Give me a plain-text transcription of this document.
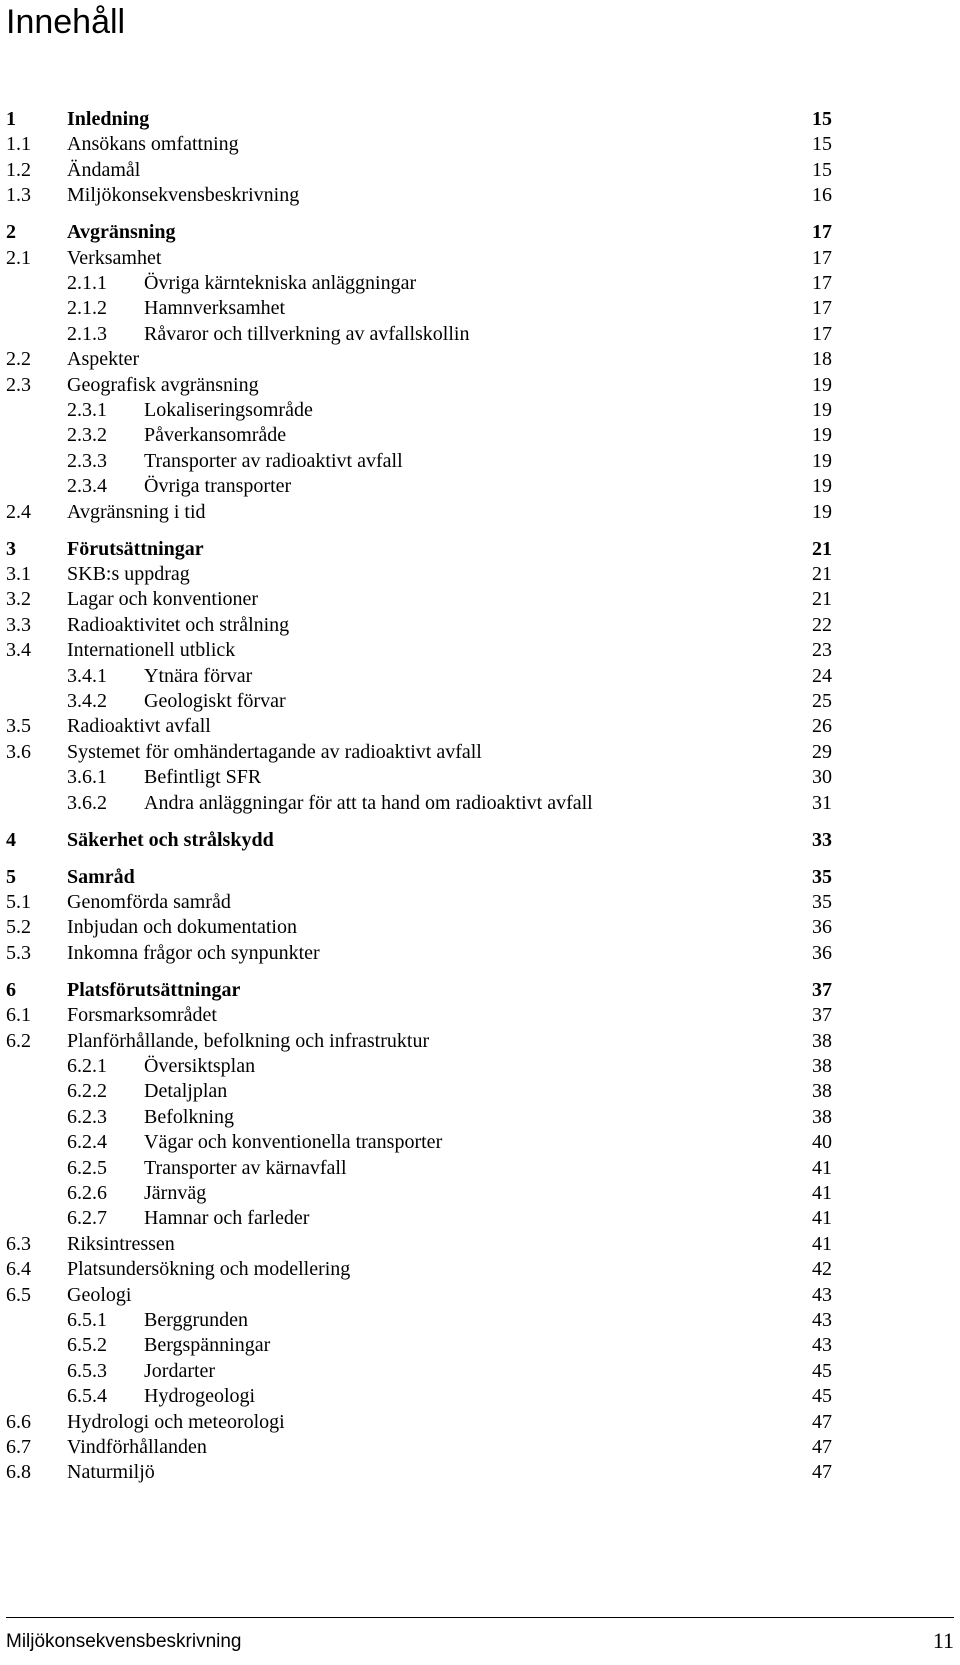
Innehåll
1	Inledning	15
1.1 Ansökans omfattning	15
1.2 Ändamål	15
1.3 Miljökonsekvensbeskrivning	16
2	Avgränsning	17
2.1 Verksamhet	17
2.1.1 Övriga kärntekniska anläggningar	17
2.1.2 Hamnverksamhet	17
2.1.3 Råvaror och tillverkning av avfallskollin	17
2.2 Aspekter	18
2.3 Geografisk avgränsning	19
2.3.1 Lokaliseringsområde	19
2.3.2 Påverkansområde	19
2.3.3 Transporter av radioaktivt avfall	19
2.3.4 Övriga transporter	19
2.4 Avgränsning i tid	19
3	Förutsättningar	21
3.1 SKB:s uppdrag	21
3.2 Lagar och konventioner	21
3.3 Radioaktivitet och strålning	22
3.4 Internationell utblick	23
3.4.1 Ytnära förvar	24
3.4.2 Geologiskt förvar	25
3.5 Radioaktivt avfall	26
3.6 Systemet för omhändertagande av radioaktivt avfall	29
3.6.1 Befintligt SFR	30
3.6.2 Andra anläggningar för att ta hand om radioaktivt avfall	31
4	Säkerhet och strålskydd	33
5	Samråd	35
5.1 Genomförda samråd	35
5.2 Inbjudan och dokumentation	36
5.3 Inkomna frågor och synpunkter	36
6	Platsförutsättningar	37
6.1 Forsmarksområdet	37
6.2 Planförhållande, befolkning och infrastruktur	38
6.2.1 Översiktsplan	38
6.2.2 Detaljplan	38
6.2.3 Befolkning	38
6.2.4 Vägar och konventionella transporter	40
6.2.5 Transporter av kärnavfall	41
6.2.6 Järnväg	41
6.2.7 Hamnar och farleder	41
6.3 Riksintressen	41
6.4 Platsundersökning och modellering	42
6.5 Geologi	43
6.5.1 Berggrunden	43
6.5.2 Bergspänningar	43
6.5.3 Jordarter	45
6.5.4 Hydrogeologi	45
6.6 Hydrologi och meteorologi	47
6.7 Vindförhållanden	47
6.8 Naturmiljö	47
Miljökonsekvensbeskrivning	11
